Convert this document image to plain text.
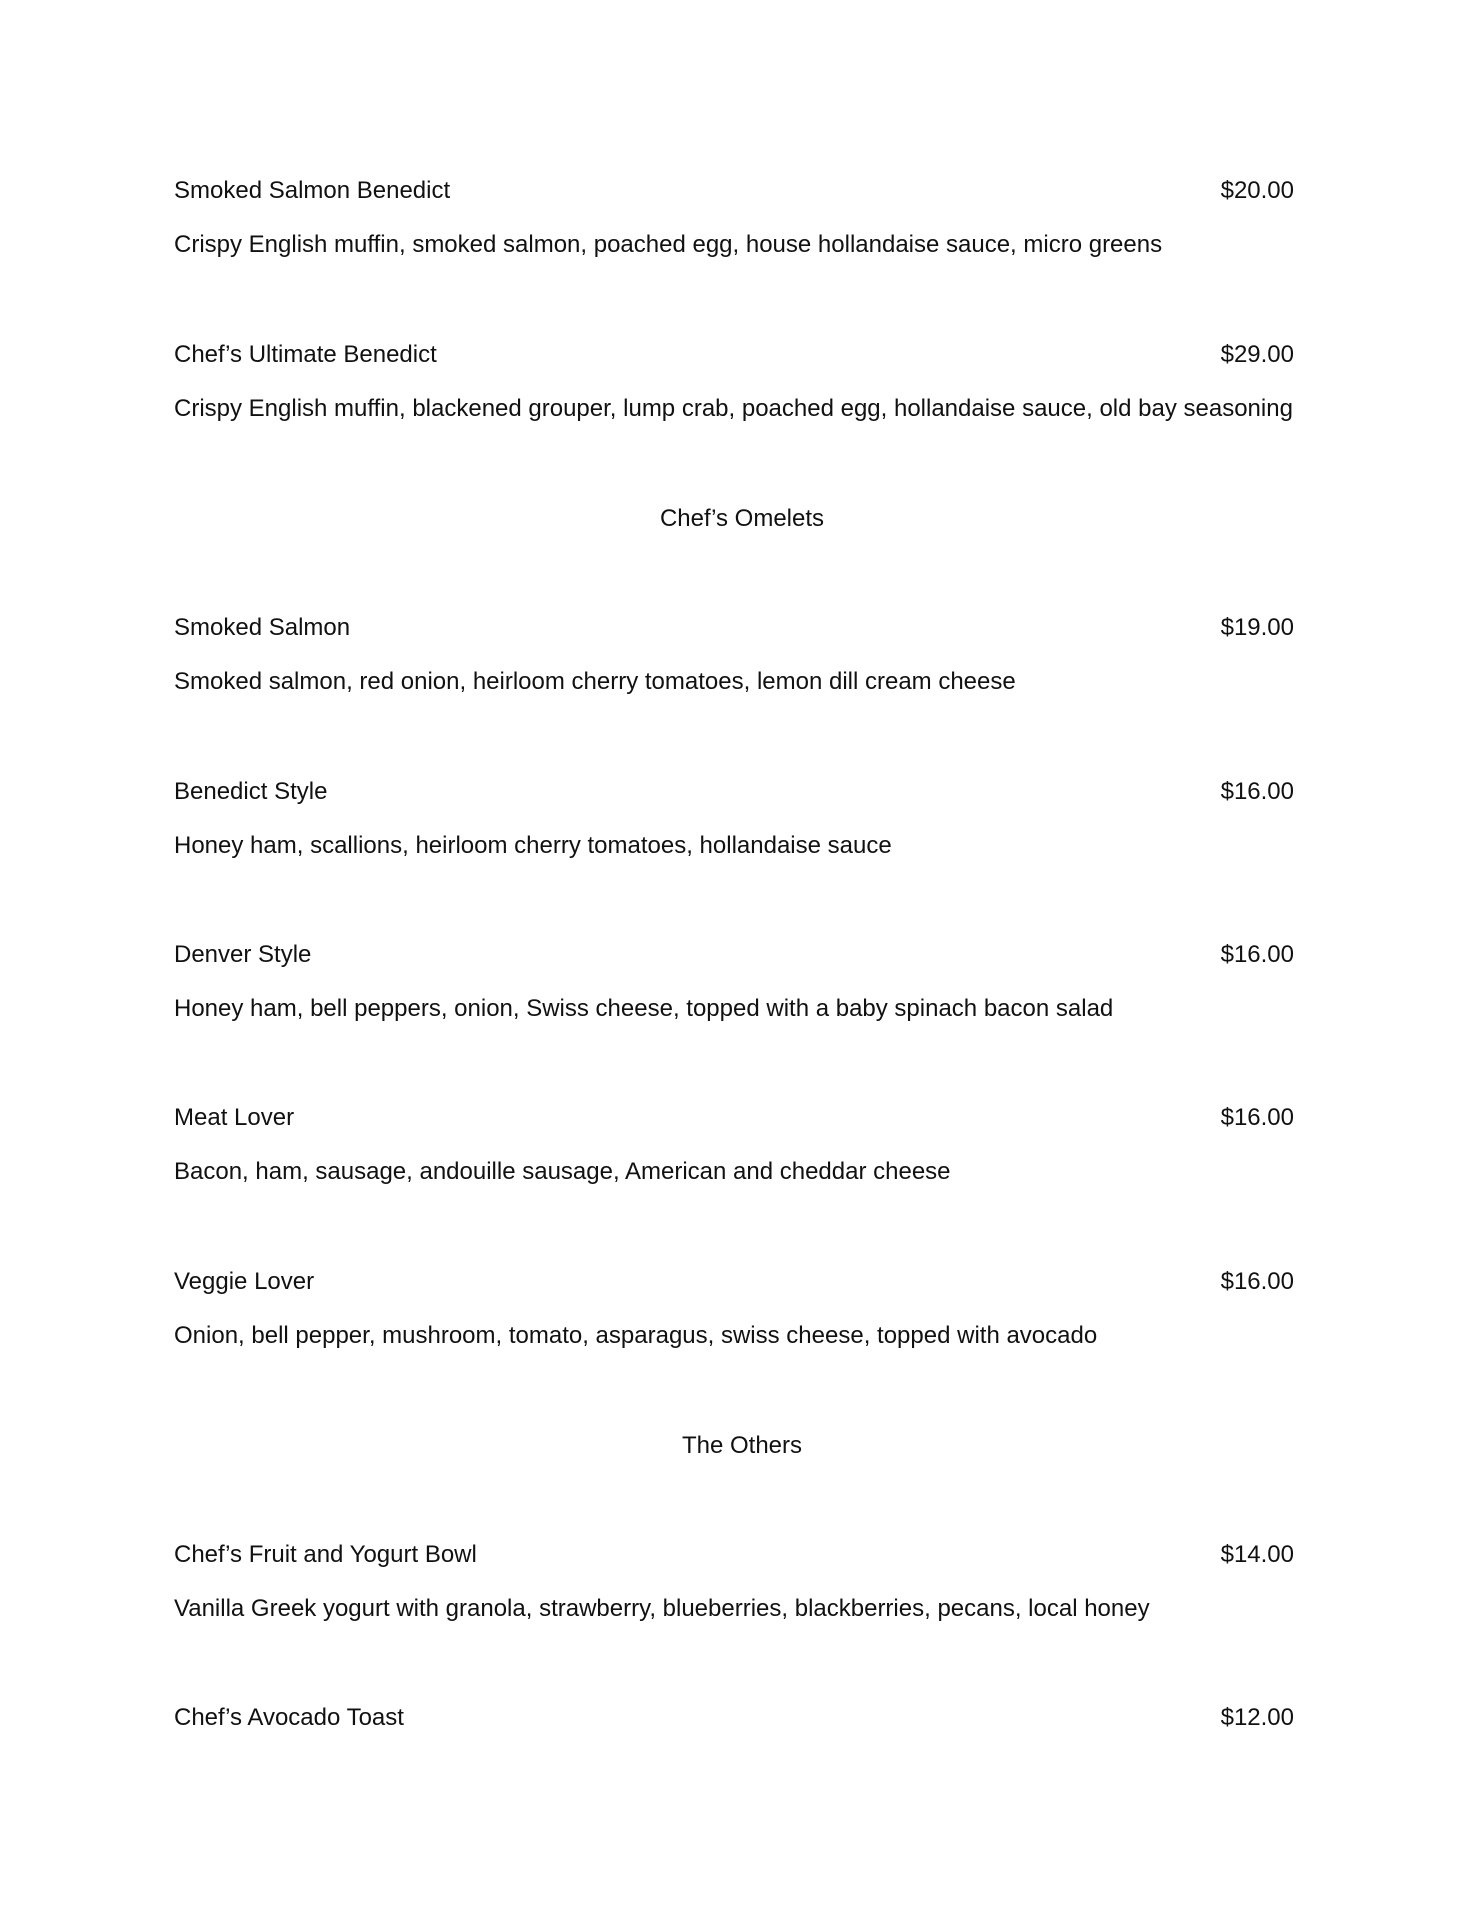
Smoked Salmon Benedict	$20.00
Crispy English muffin, smoked salmon, poached egg, house hollandaise sauce, micro greens
Chef’s Ultimate Benedict	$29.00
Crispy English muffin, blackened grouper, lump crab, poached egg, hollandaise sauce, old bay seasoning
Chef’s Omelets
Smoked Salmon	$19.00
Smoked salmon, red onion, heirloom cherry tomatoes, lemon dill cream cheese
Benedict Style	$16.00
Honey ham, scallions, heirloom cherry tomatoes, hollandaise sauce
Denver Style	$16.00
Honey ham, bell peppers, onion, Swiss cheese, topped with a baby spinach bacon salad
Meat Lover	$16.00
Bacon, ham, sausage, andouille sausage, American and cheddar cheese
Veggie Lover	$16.00
Onion, bell pepper, mushroom, tomato, asparagus, swiss cheese, topped with avocado
The Others
Chef’s Fruit and Yogurt Bowl	$14.00
Vanilla Greek yogurt with granola, strawberry, blueberries, blackberries, pecans, local honey
Chef’s Avocado Toast	$12.00
